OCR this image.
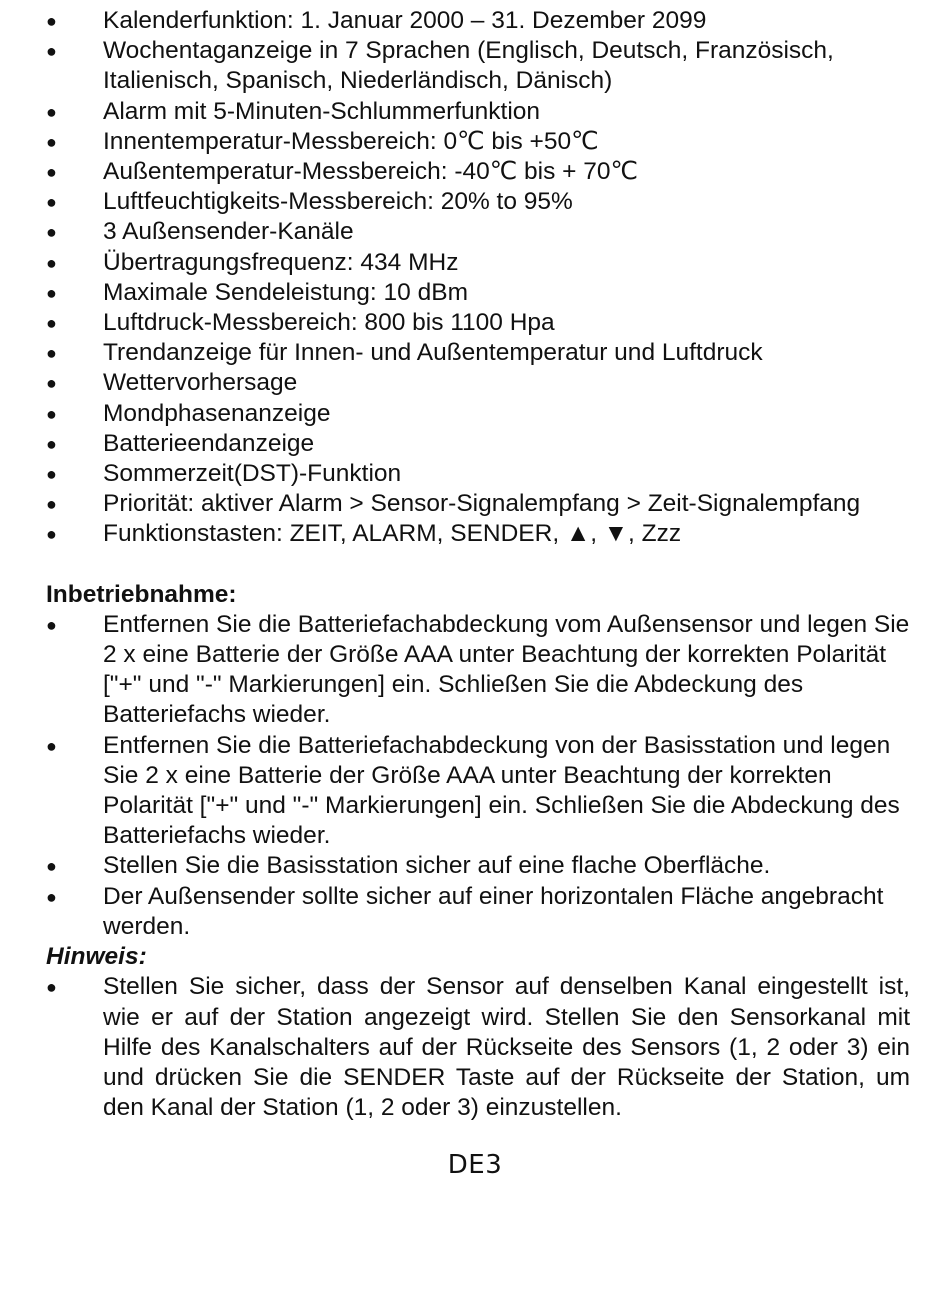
● Kalenderfunktion: 1. Januar 2000 – 31. Dezember 2099
● Wochentaganzeige in 7 Sprachen (Englisch, Deutsch, Französisch, Italienisch, Spanisch, Niederländisch, Dänisch)
● Alarm mit 5-Minuten-Schlummerfunktion
● Innentemperatur-Messbereich: 0℃ bis +50℃
● Außentemperatur-Messbereich: -40℃ bis + 70℃
● Luftfeuchtigkeits-Messbereich: 20% to 95%
● 3 Außensender-Kanäle
● Übertragungsfrequenz: 434 MHz
● Maximale Sendeleistung: 10 dBm
● Luftdruck-Messbereich: 800 bis 1100 Hpa
● Trendanzeige für Innen- und Außentemperatur und Luftdruck
● Wettervorhersage
● Mondphasenanzeige
● Batterieendanzeige
● Sommerzeit(DST)-Funktion
● Priorität: aktiver Alarm > Sensor-Signalempfang > Zeit-Signalempfang
● Funktionstasten: ZEIT, ALARM, SENDER, ▲, ▼, Zzz
Inbetriebnahme:
● Entfernen Sie die Batteriefachabdeckung vom Außensensor und legen Sie 2 x eine Batterie der Größe AAA unter Beachtung der korrekten Polarität ["+" und "-" Markierungen] ein. Schließen Sie die Abdeckung des Batteriefachs wieder.
● Entfernen Sie die Batteriefachabdeckung von der Basisstation und legen Sie 2 x eine Batterie der Größe AAA unter Beachtung der korrekten Polarität ["+" und "-" Markierungen] ein. Schließen Sie die Abdeckung des Batteriefachs wieder.
● Stellen Sie die Basisstation sicher auf eine flache Oberfläche.
● Der Außensender sollte sicher auf einer horizontalen Fläche angebracht werden.
Hinweis:
● Stellen Sie sicher, dass der Sensor auf denselben Kanal eingestellt ist, wie er auf der Station angezeigt wird. Stellen Sie den Sensorkanal mit Hilfe des Kanalschalters auf der Rückseite des Sensors (1, 2 oder 3) ein und drücken Sie die SENDER Taste auf der Rückseite der Station, um den Kanal der Station (1, 2 oder 3) einzustellen.
DE3
